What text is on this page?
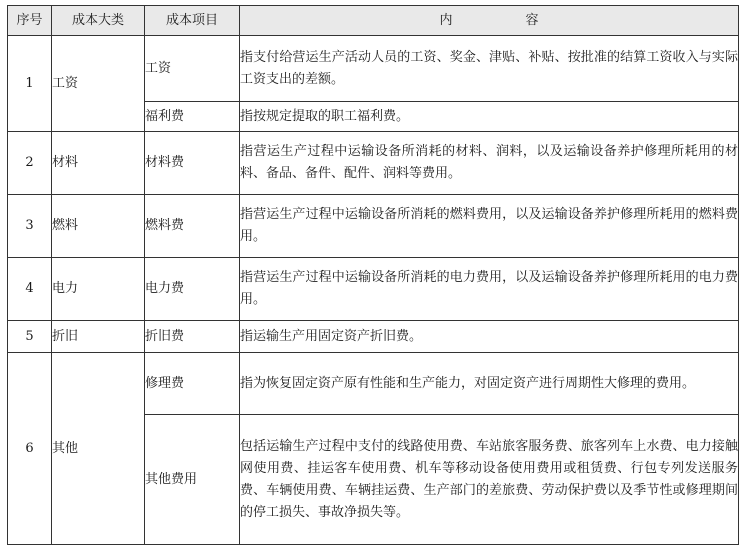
序号	成本大类	成本项目	内　容
1	工资	工资	指支付给营运生产活动人员的工资、奖金、津贴、补贴、按批准的结算工资收入与实际工资支出的差额。
		福利费	指按规定提取的职工福利费。
2	材料	材料费	指营运生产过程中运输设备所消耗的材料、润料，以及运输设备养护修理所耗用的材料、备品、备件、配件、润料等费用。
3	燃料	燃料费	指营运生产过程中运输设备所消耗的燃料费用，以及运输设备养护修理所耗用的燃料费用。
4	电力	电力费	指营运生产过程中运输设备所消耗的电力费用，以及运输设备养护修理所耗用的电力费用。
5	折旧	折旧费	指运输生产用固定资产折旧费。
6	其他	修理费	指为恢复固定资产原有性能和生产能力，对固定资产进行周期性大修理的费用。
		其他费用	包括运输生产过程中支付的线路使用费、车站旅客服务费、旅客列车上水费、电力接触网使用费、挂运客车使用费、机车等移动设备使用费用或租赁费、行包专列发送服务费、车辆使用费、车辆挂运费、生产部门的差旅费、劳动保护费以及季节性或修理期间的停工损失、事故净损失等。
